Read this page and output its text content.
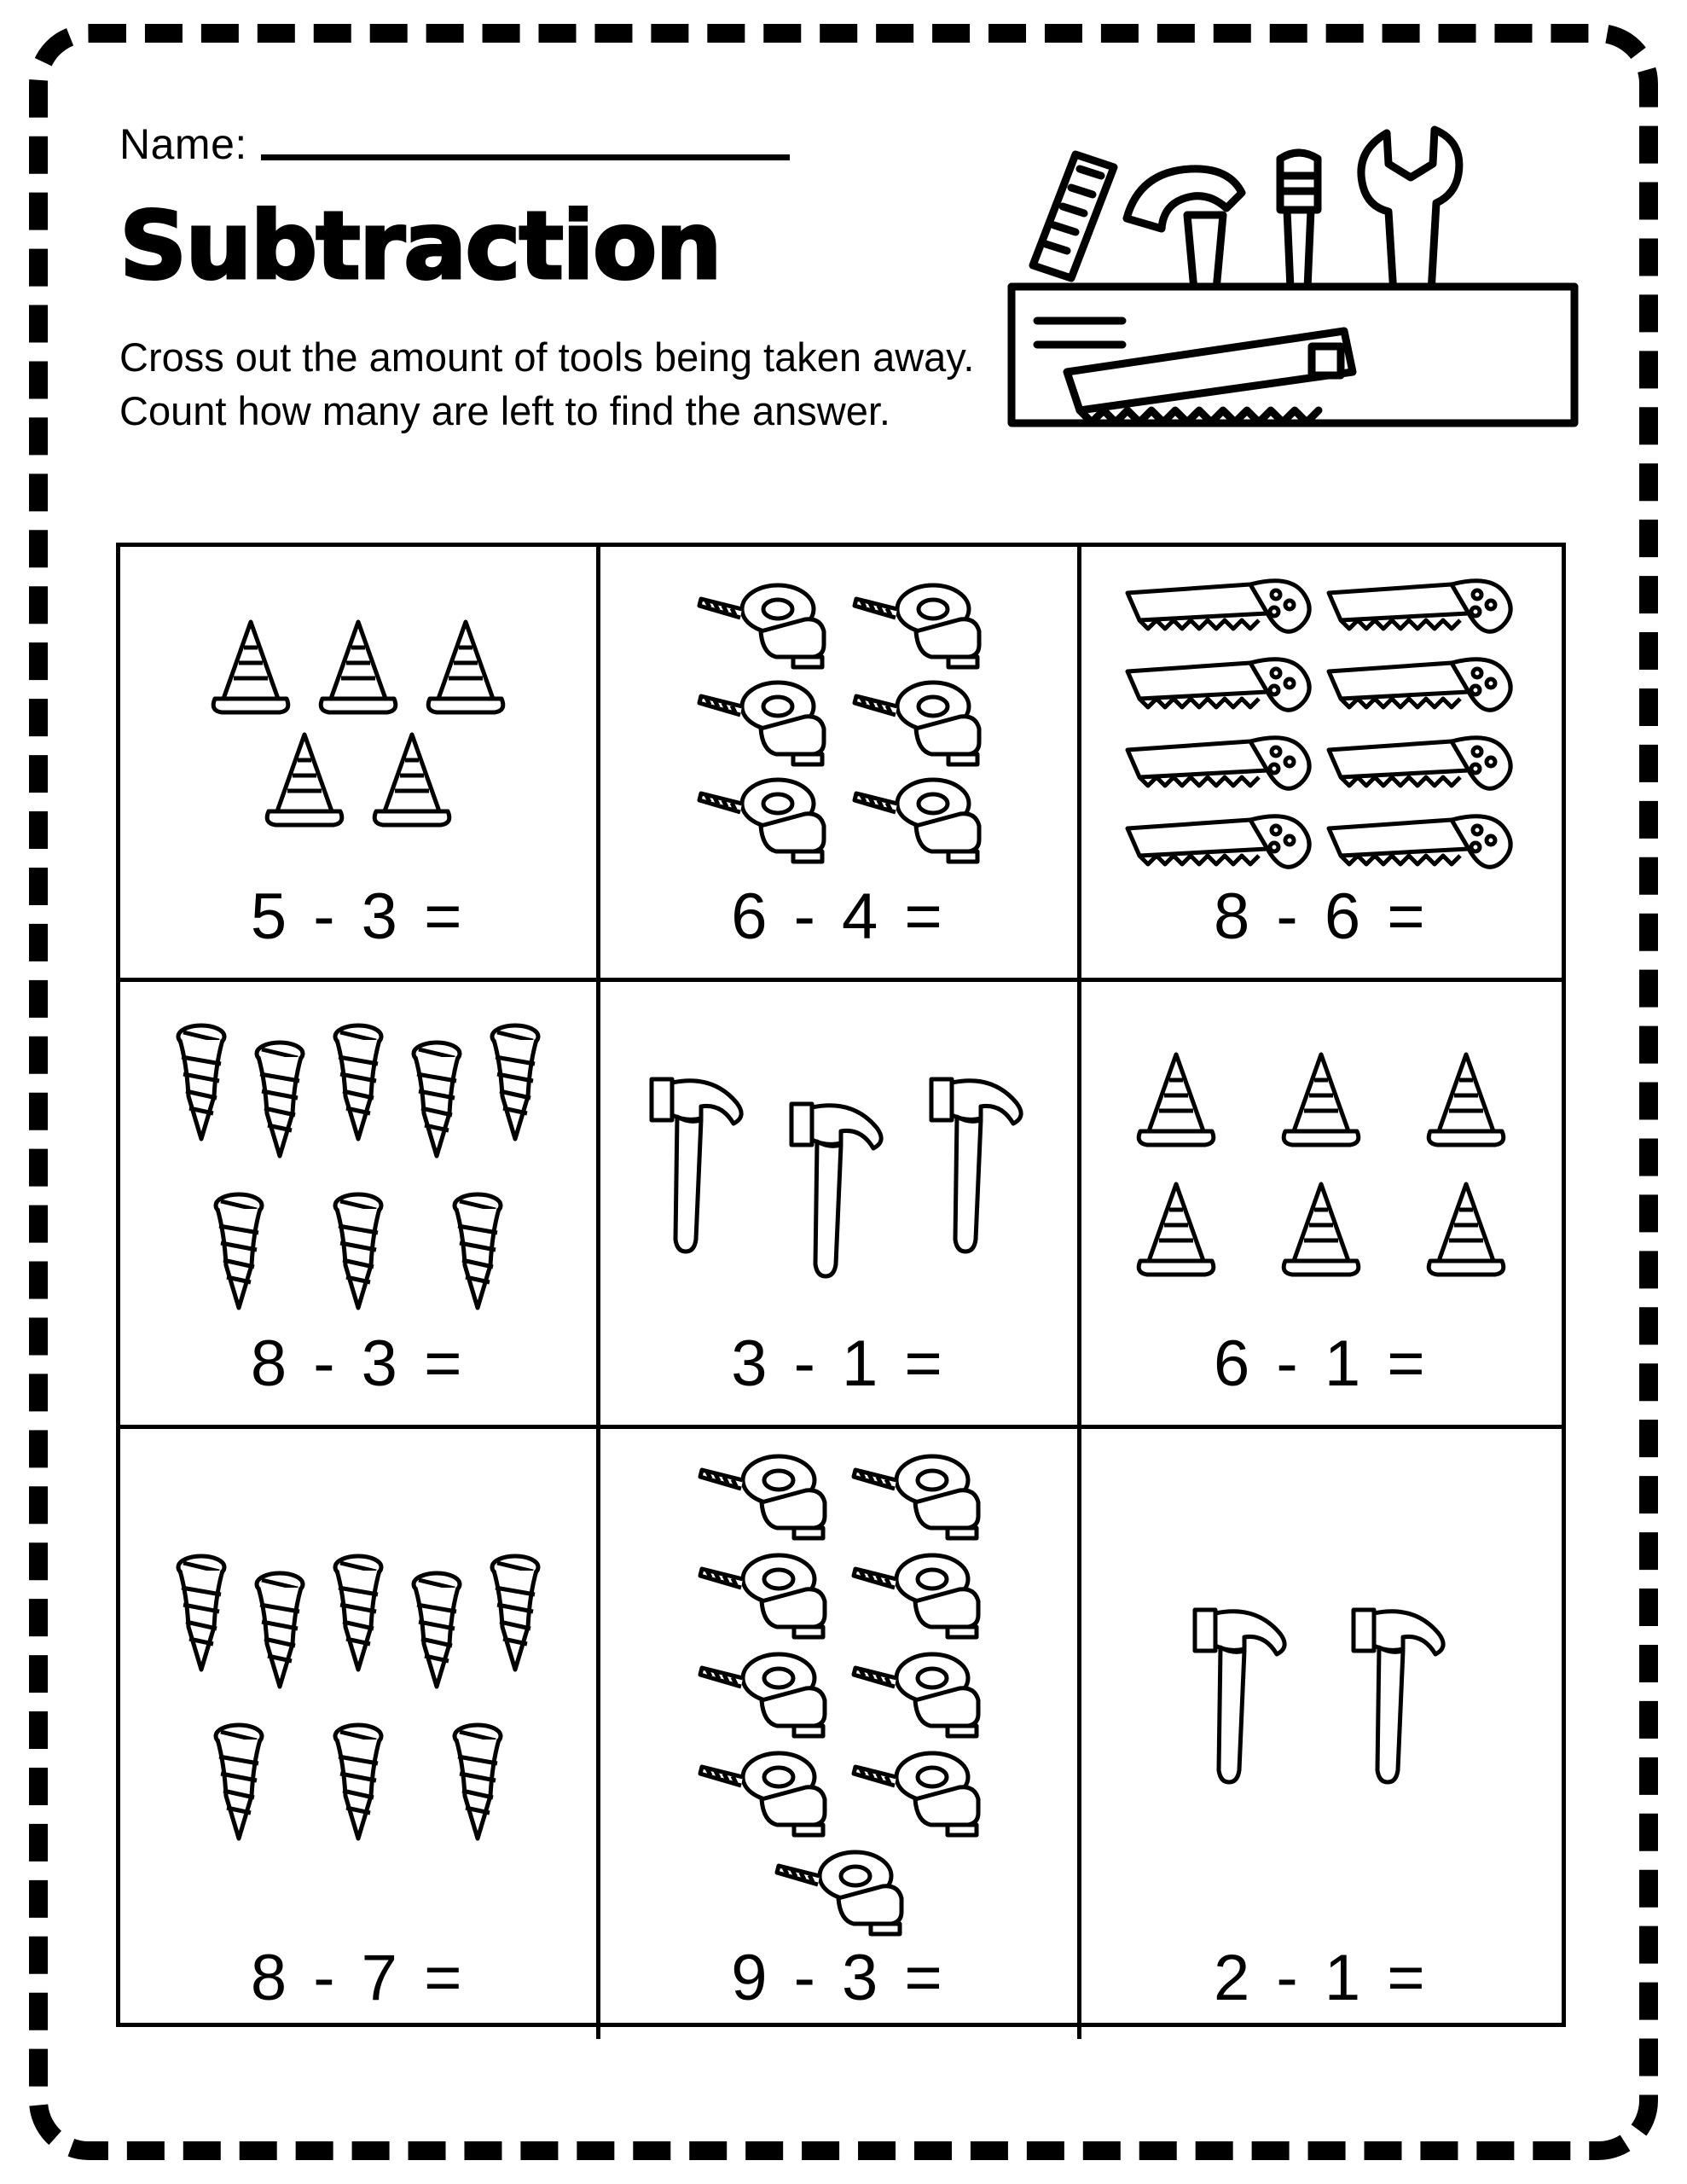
Name:
Subtraction
Cross out the amount of tools being taken away.
Count how many are left to find the answer.
5 - 3 =	6 - 4 =	8 - 6 =
8 - 3 =	3 - 1 =	6 - 1 =
8 - 7 =	9 - 3 =	2 - 1 =
